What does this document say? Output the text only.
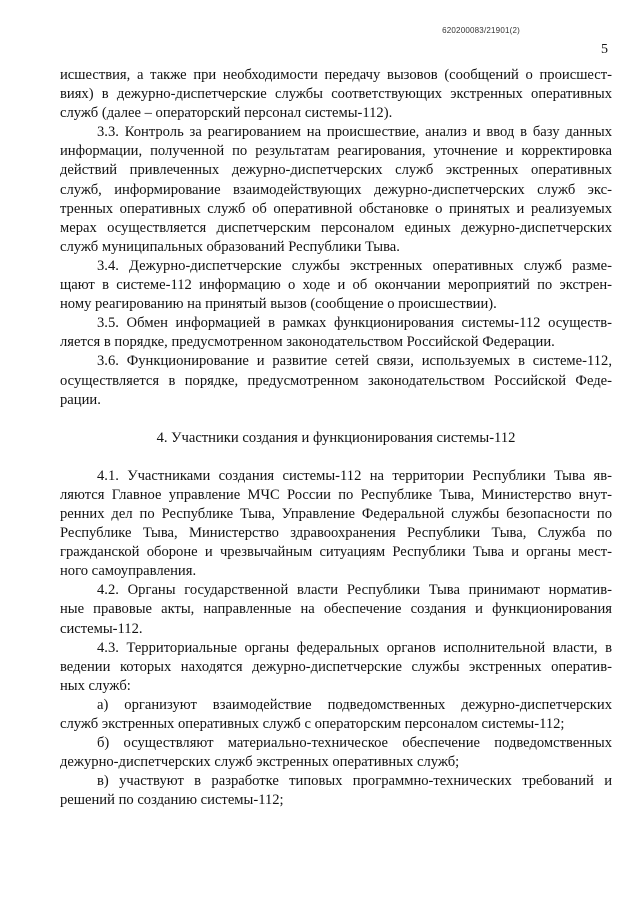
620200083/21901(2)
5
исшествия, а также при необходимости передачу вызовов (сообщений о происшест-
виях) в дежурно-диспетчерские службы соответствующих экстренных оперативных
служб (далее – операторский персонал системы-112).
3.3. Контроль за реагированием на происшествие, анализ и ввод в базу данных
информации, полученной по результатам реагирования, уточнение и корректировка
действий привлеченных дежурно-диспетчерских служб экстренных оперативных
служб, информирование взаимодействующих дежурно-диспетчерских служб экс-
тренных оперативных служб об оперативной обстановке о принятых и реализуемых
мерах осуществляется диспетчерским персоналом единых дежурно-диспетчерских
служб муниципальных образований Республики Тыва.
3.4. Дежурно-диспетчерские службы экстренных оперативных служб разме-
щают в системе-112 информацию о ходе и об окончании мероприятий по экстрен-
ному реагированию на принятый вызов (сообщение о происшествии).
3.5. Обмен информацией в рамках функционирования системы-112 осуществ-
ляется в порядке, предусмотренном законодательством Российской Федерации.
3.6. Функционирование и развитие сетей связи, используемых в системе-112,
осуществляется в порядке, предусмотренном законодательством Российской Феде-
рации.
4. Участники создания и функционирования системы-112
4.1. Участниками создания системы-112 на территории Республики Тыва яв-
ляются Главное управление МЧС России по Республике Тыва, Министерство внут-
ренних дел по Республике Тыва, Управление Федеральной службы безопасности по
Республике Тыва, Министерство здравоохранения Республики Тыва, Служба по
гражданской обороне и чрезвычайным ситуациям Республики Тыва и органы мест-
ного самоуправления.
4.2. Органы государственной власти Республики Тыва принимают норматив-
ные правовые акты, направленные на обеспечение создания и функционирования
системы-112.
4.3. Территориальные органы федеральных органов исполнительной власти, в
ведении которых находятся дежурно-диспетчерские службы экстренных оператив-
ных служб:
а) организуют взаимодействие подведомственных дежурно-диспетчерских
служб экстренных оперативных служб с операторским персоналом системы-112;
б) осуществляют материально-техническое обеспечение подведомственных
дежурно-диспетчерских служб экстренных оперативных служб;
в) участвуют в разработке типовых программно-технических требований и
решений по созданию системы-112;
